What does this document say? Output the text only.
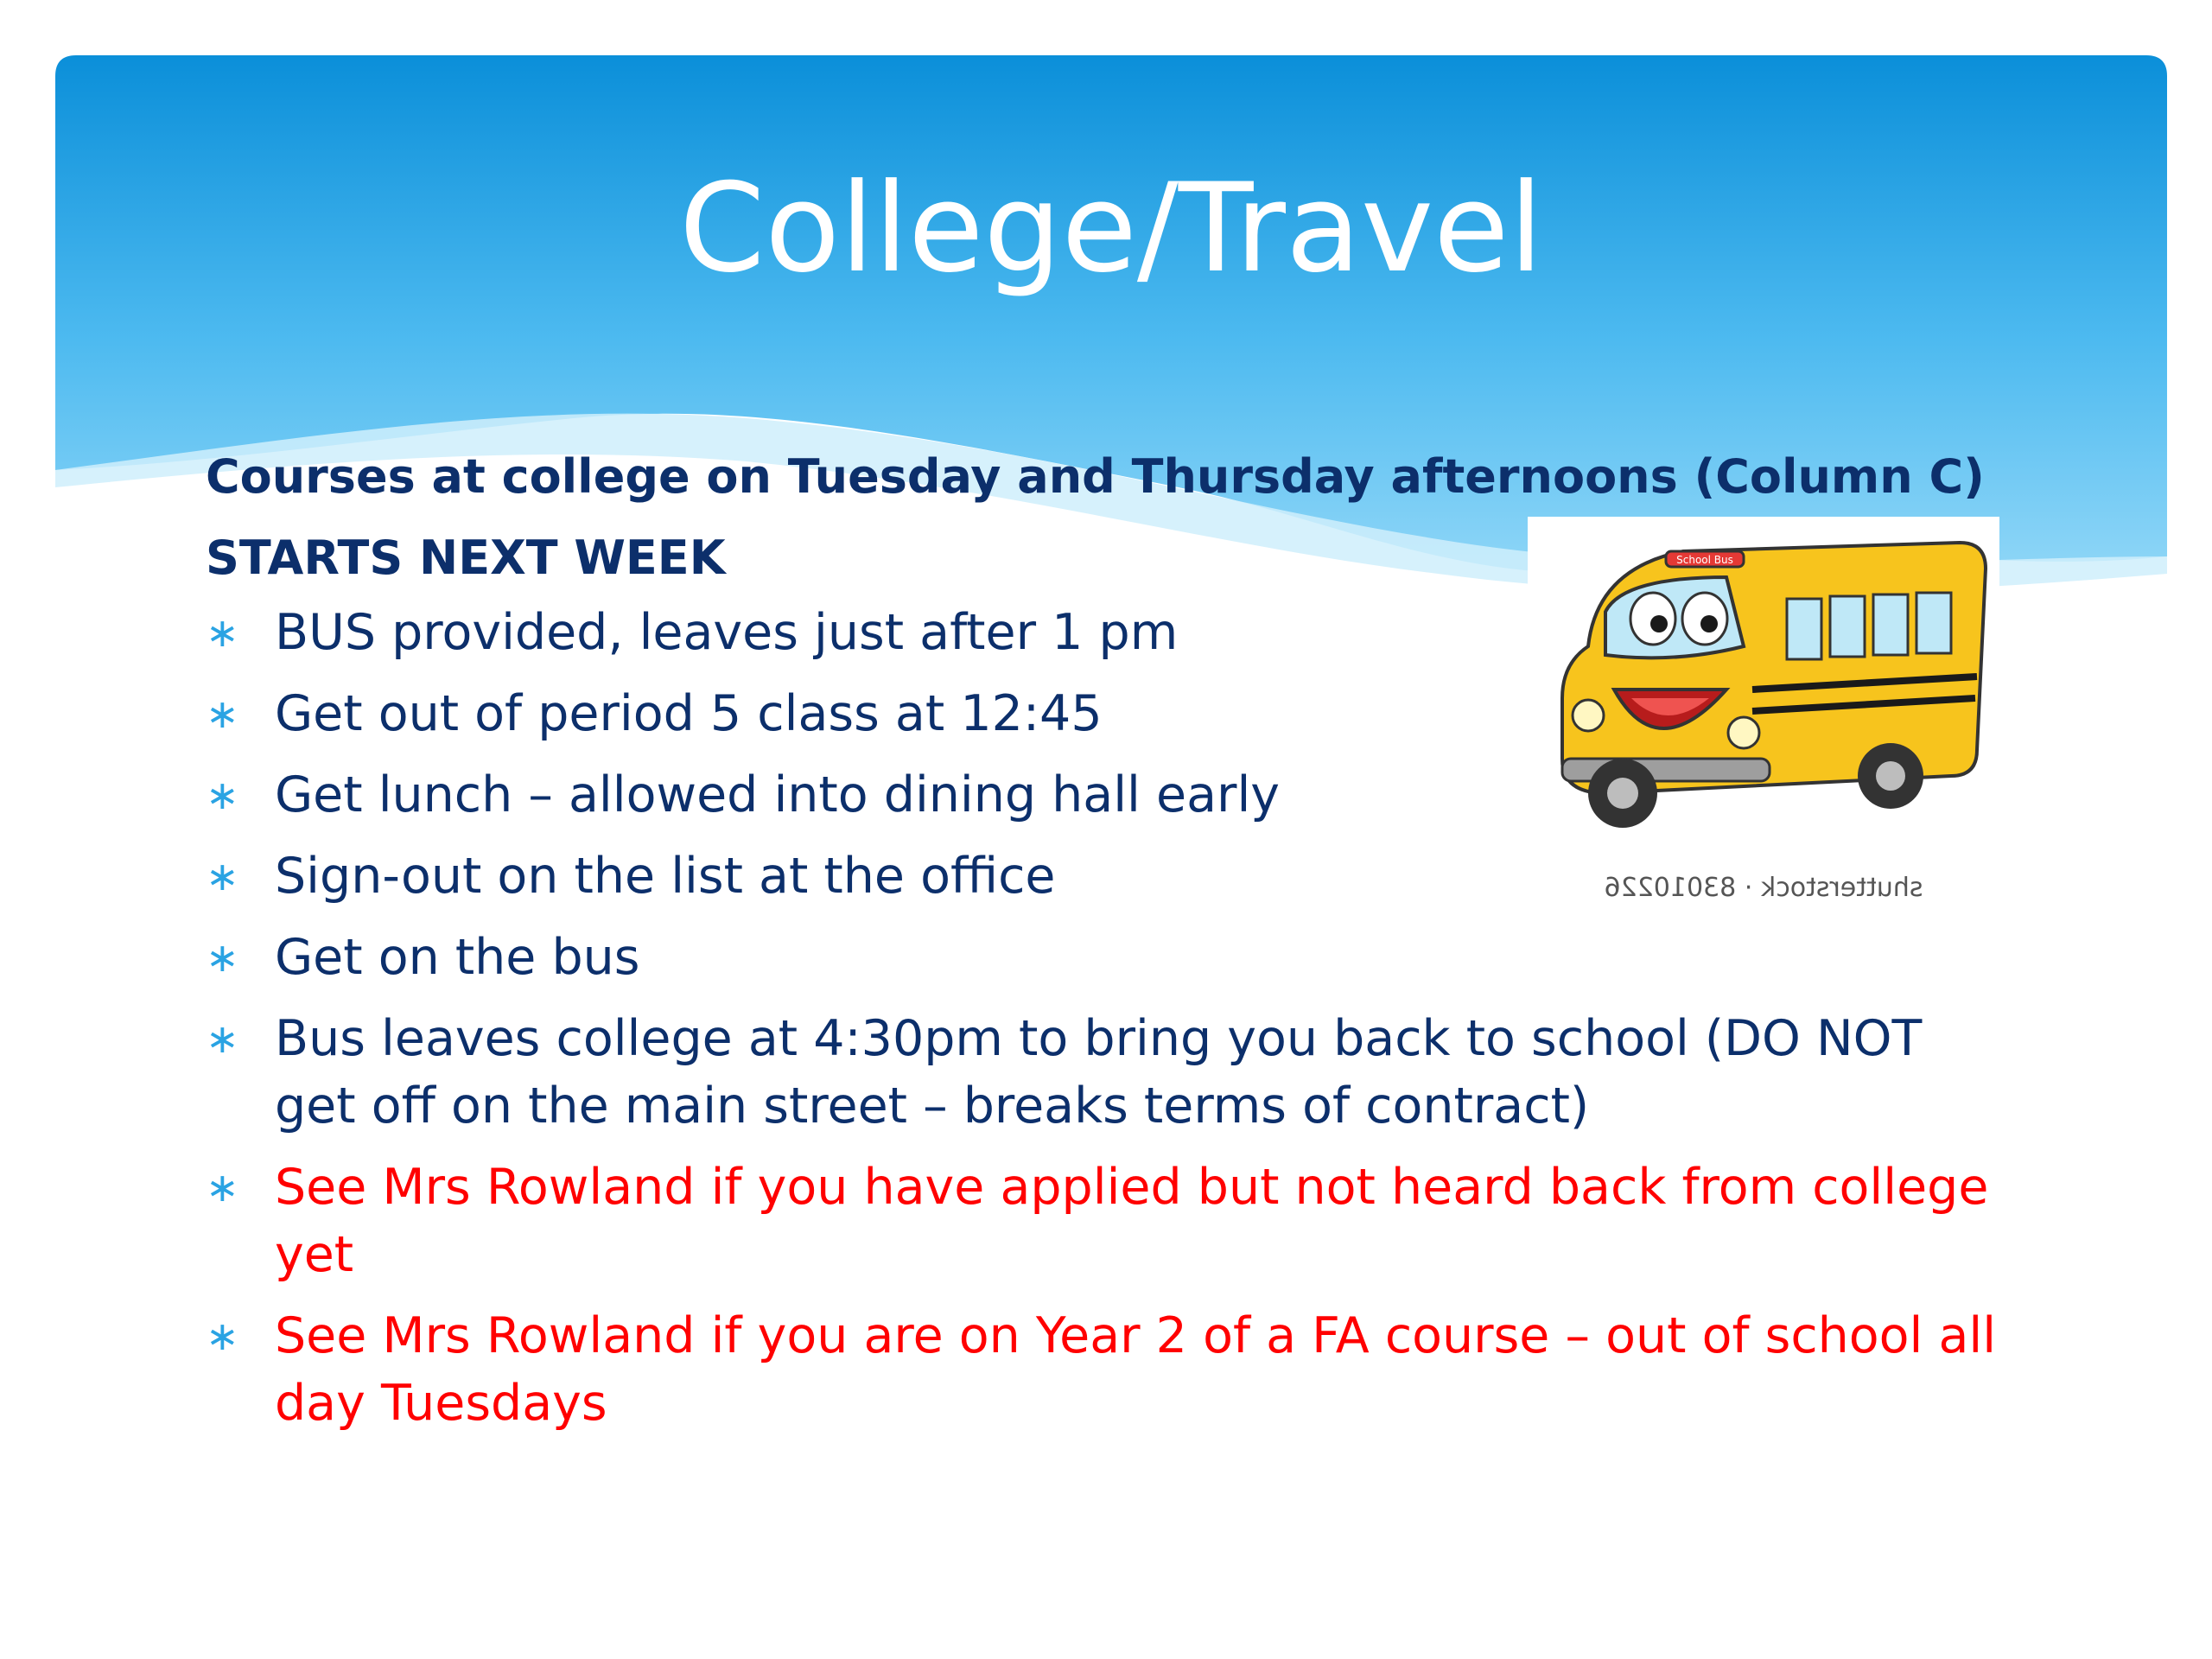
College/Travel
School Bus
shutterstock · 83010226

Courses at college on Tuesday and Thursday afternoons (Column C)

STARTS NEXT WEEK

∗ BUS provided, leaves just after 1 pm
∗ Get out of period 5 class at 12:45
∗ Get lunch – allowed into dining hall early
∗ Sign-out on the list at the office
∗ Get on the bus
∗ Bus leaves college at 4:30pm to bring you back to school (DO NOT get off on the main street – breaks terms of contract)
∗ See Mrs Rowland if you have applied but not heard back from college yet
∗ See Mrs Rowland if you are on Year 2 of a FA course – out of school all day Tuesdays
